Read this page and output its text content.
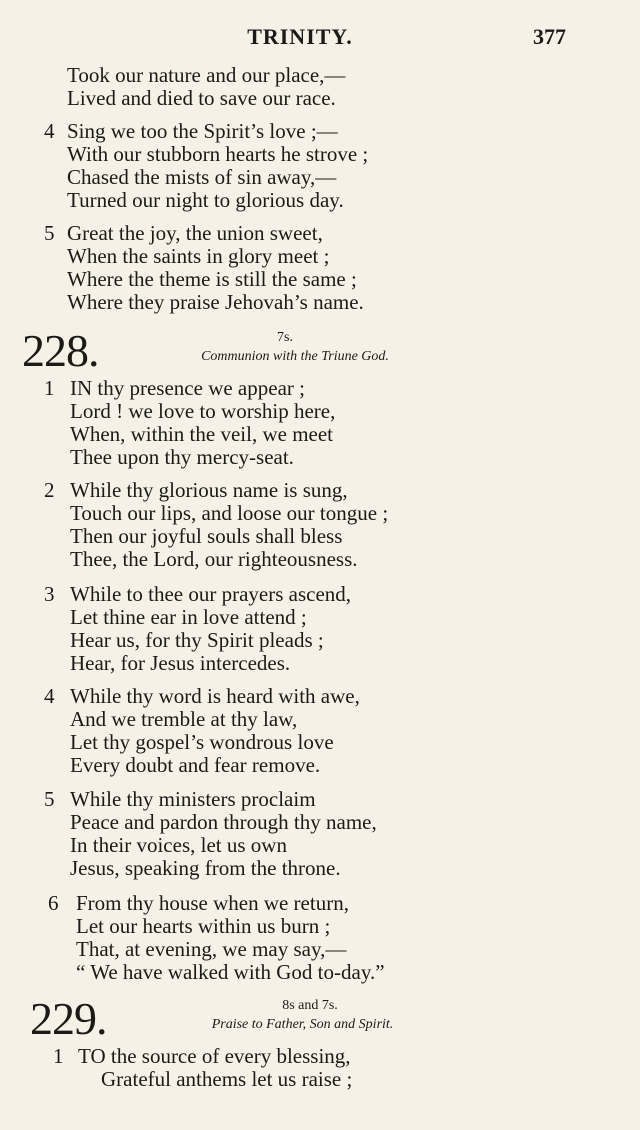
TRINITY.	377
Took our nature and our place,—
Lived and died to save our race.
4 Sing we too the Spirit’s love ;—
With our stubborn hearts he strove ;
Chased the mists of sin away,—
Turned our night to glorious day.
5 Great the joy, the union sweet,
When the saints in glory meet ;
Where the theme is still the same ;
Where they praise Jehovah’s name.
228.	7s.
Communion with the Triune God.
1 IN thy presence we appear ;
Lord ! we love to worship here,
When, within the veil, we meet
Thee upon thy mercy-seat.
2 While thy glorious name is sung,
Touch our lips, and loose our tongue ;
Then our joyful souls shall bless
Thee, the Lord, our righteousness.
3 While to thee our prayers ascend,
Let thine ear in love attend ;
Hear us, for thy Spirit pleads ;
Hear, for Jesus intercedes.
4 While thy word is heard with awe,
And we tremble at thy law,
Let thy gospel’s wondrous love
Every doubt and fear remove.
5 While thy ministers proclaim
Peace and pardon through thy name,
In their voices, let us own
Jesus, speaking from the throne.
6 From thy house when we return,
Let our hearts within us burn ;
That, at evening, we may say,—
“ We have walked with God to-day.”
229.	8s and 7s.
Praise to Father, Son and Spirit.
1 TO the source of every blessing,
Grateful anthems let us raise ;
